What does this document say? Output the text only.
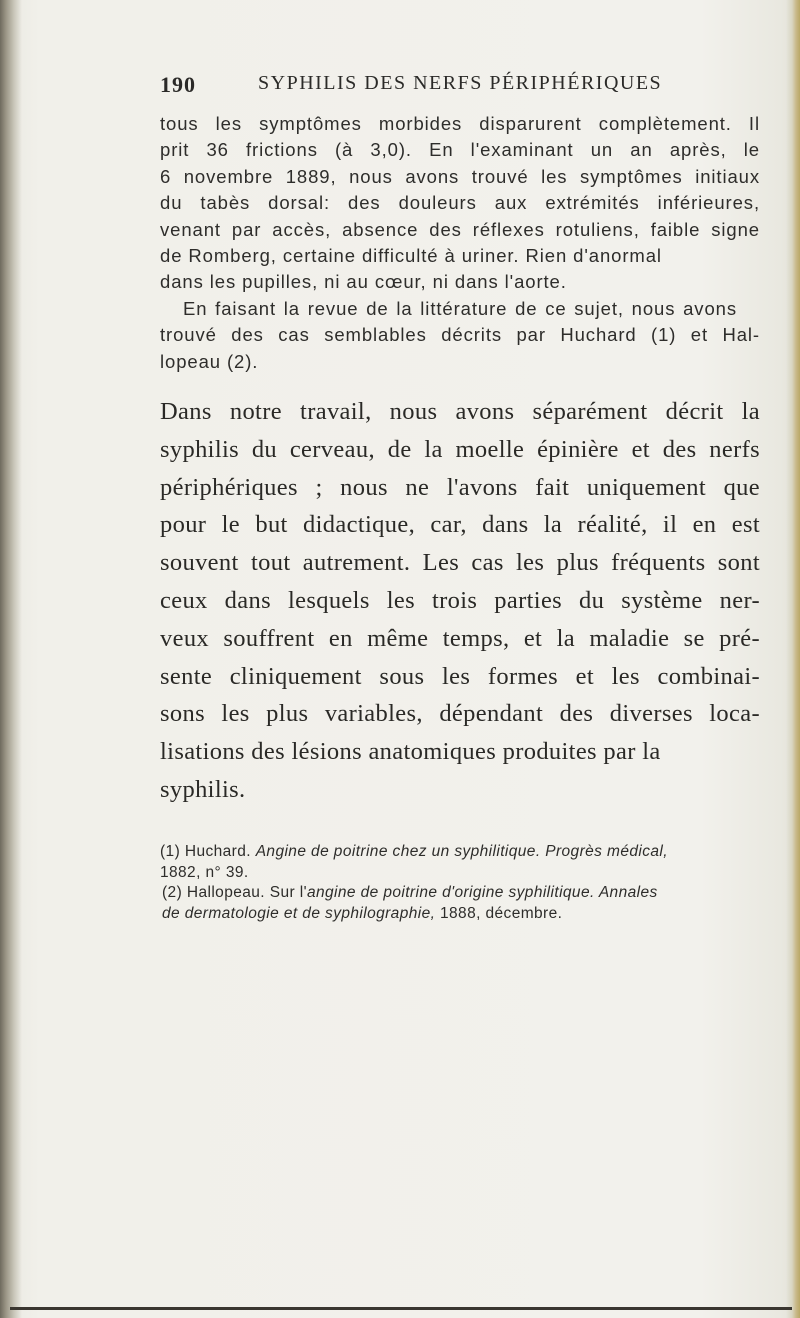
190	SYPHILIS DES NERFS PÉRIPHÉRIQUES

tous les symptômes morbides disparurent complètement. Il
prit 36 frictions (à 3,0). En l'examinant un an après, le
6 novembre 1889, nous avons trouvé les symptômes initiaux
du tabès dorsal: des douleurs aux extrémités inférieures,
venant par accès, absence des réflexes rotuliens, faible signe
de Romberg, certaine difficulté à uriner. Rien d'anormal
dans les pupilles, ni au cœur, ni dans l'aorte.

En faisant la revue de la littérature de ce sujet, nous avons
trouvé des cas semblables décrits par Huchard (1) et Hal-
lopeau (2).

Dans notre travail, nous avons séparément décrit la
syphilis du cerveau, de la moelle épinière et des nerfs
périphériques ; nous ne l'avons fait uniquement que
pour le but didactique, car, dans la réalité, il en est
souvent tout autrement. Les cas les plus fréquents sont
ceux dans lesquels les trois parties du système ner-
veux souffrent en même temps, et la maladie se pré-
sente cliniquement sous les formes et les combinai-
sons les plus variables, dépendant des diverses loca-
lisations des lésions anatomiques produites par la
syphilis.

(1) Huchard. Angine de poitrine chez un syphilitique. Progrès médical,
1882, n° 39.

(2) Hallopeau. Sur l'angine de poitrine d'origine syphilitique. Annales
de dermatologie et de syphilographie, 1888, décembre.
